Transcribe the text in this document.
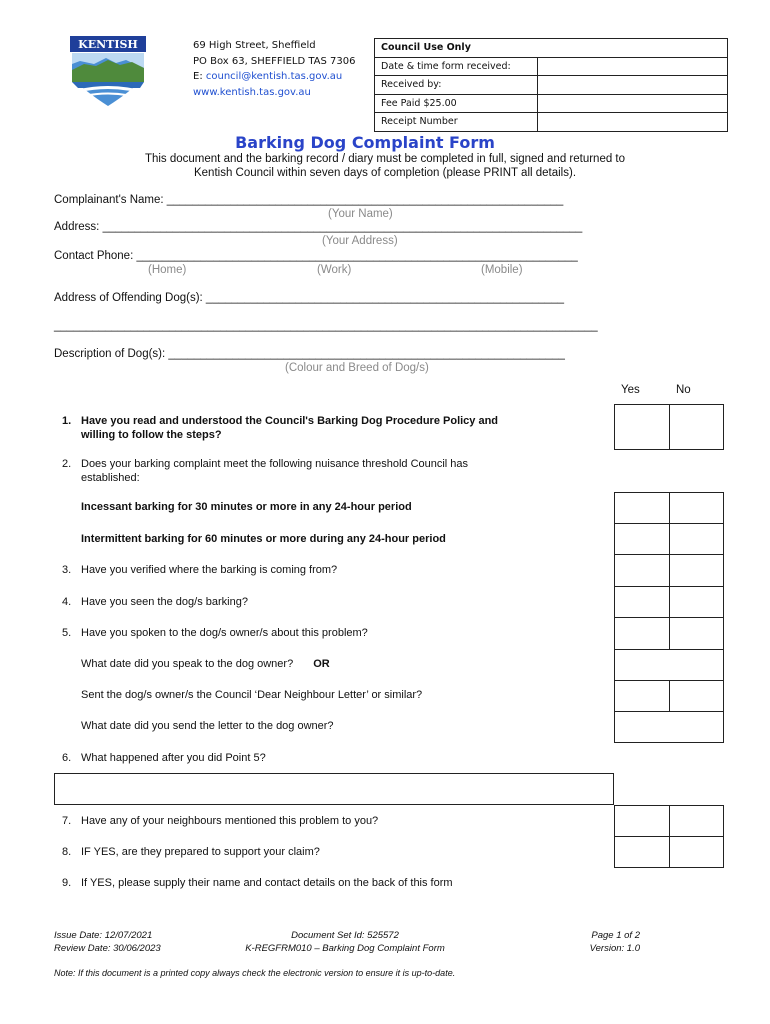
KENTISH	69 High Street, Sheffield
PO Box 63, SHEFFIELD TAS 7306
E: council@kentish.tas.gov.au
www.kentish.tas.gov.au
Council Use Only	
Date & time form received:	
Received by:	
Fee Paid $25.00	
Receipt Number	
Barking Dog Complaint Form
This document and the barking record / diary must be completed in full, signed and returned to
Kentish Council within seven days of completion (please PRINT all details).
Complainant's Name: ______________________________________________________________
(Your Name)
Address: ___________________________________________________________________________
(Your Address)
Contact Phone: _____________________________________________________________________
(Home)	(Work)	(Mobile)
Address of Offending Dog(s): ________________________________________________________
_____________________________________________________________________________________
Description of Dog(s): ______________________________________________________________
(Colour and Breed of Dog/s)
Yes	No
1. Have you read and understood the Council's Barking Dog Procedure Policy and
willing to follow the steps?
2. Does your barking complaint meet the following nuisance threshold Council has
established:
Incessant barking for 30 minutes or more in any 24-hour period
Intermittent barking for 60 minutes or more during any 24-hour period
3. Have you verified where the barking is coming from?
4. Have you seen the dog/s barking?
5. Have you spoken to the dog/s owner/s about this problem?
What date did you speak to the dog owner? OR
Sent the dog/s owner/s the Council ‘Dear Neighbour Letter’ or similar?
What date did you send the letter to the dog owner?
6. What happened after you did Point 5?
7. Have any of your neighbours mentioned this problem to you?
8. IF YES, are they prepared to support your claim?
9. If YES, please supply their name and contact details on the back of this form
Issue Date: 12/07/2021
Review Date: 30/06/2023
Document Set Id: 525572
K-REGFRM010 – Barking Dog Complaint Form
Page 1 of 2
Version: 1.0
Note: If this document is a printed copy always check the electronic version to ensure it is up-to-date.
